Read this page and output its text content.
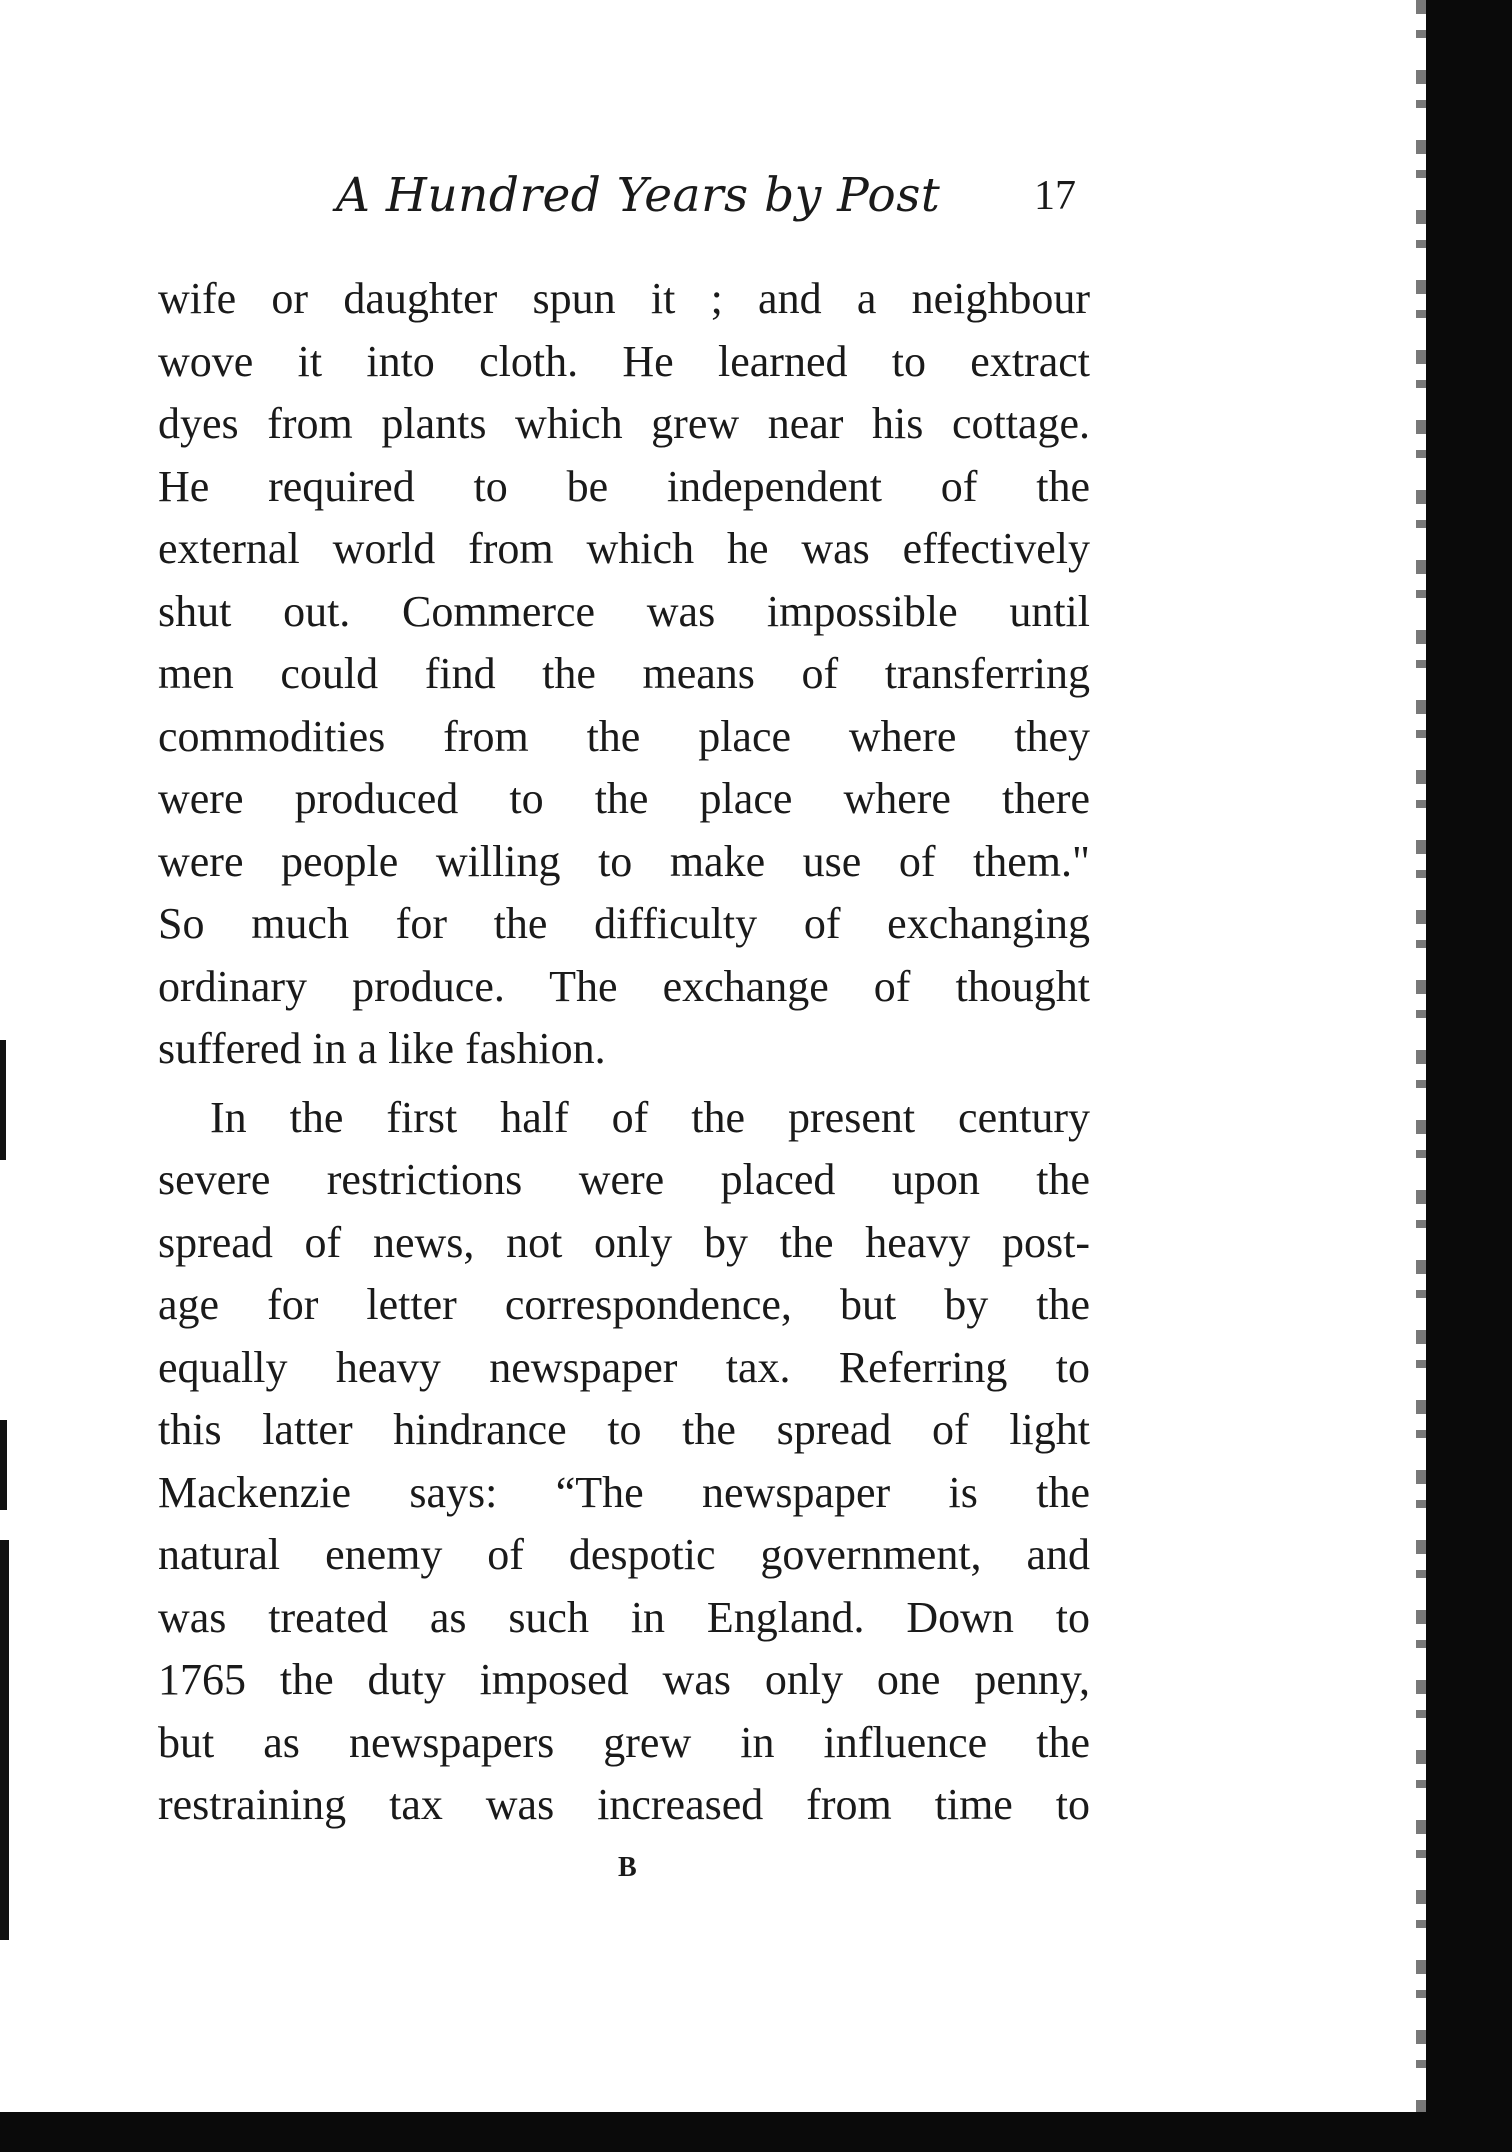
A Hundred Years by Post 17
wife or daughter spun it ; and a neighbour
wove it into cloth. He learned to extract
dyes from plants which grew near his cottage.
He required to be independent of the
external world from which he was effectively
shut out. Commerce was impossible until
men could find the means of transferring
commodities from the place where they
were produced to the place where there
were people willing to make use of them."
So much for the difficulty of exchanging
ordinary produce. The exchange of thought
suffered in a like fashion.
In the first half of the present century
severe restrictions were placed upon the
spread of news, not only by the heavy post-
age for letter correspondence, but by the
equally heavy newspaper tax. Referring to
this latter hindrance to the spread of light
Mackenzie says: “The newspaper is the
natural enemy of despotic government, and
was treated as such in England. Down to
1765 the duty imposed was only one penny,
but as newspapers grew in influence the
restraining tax was increased from time to
B
